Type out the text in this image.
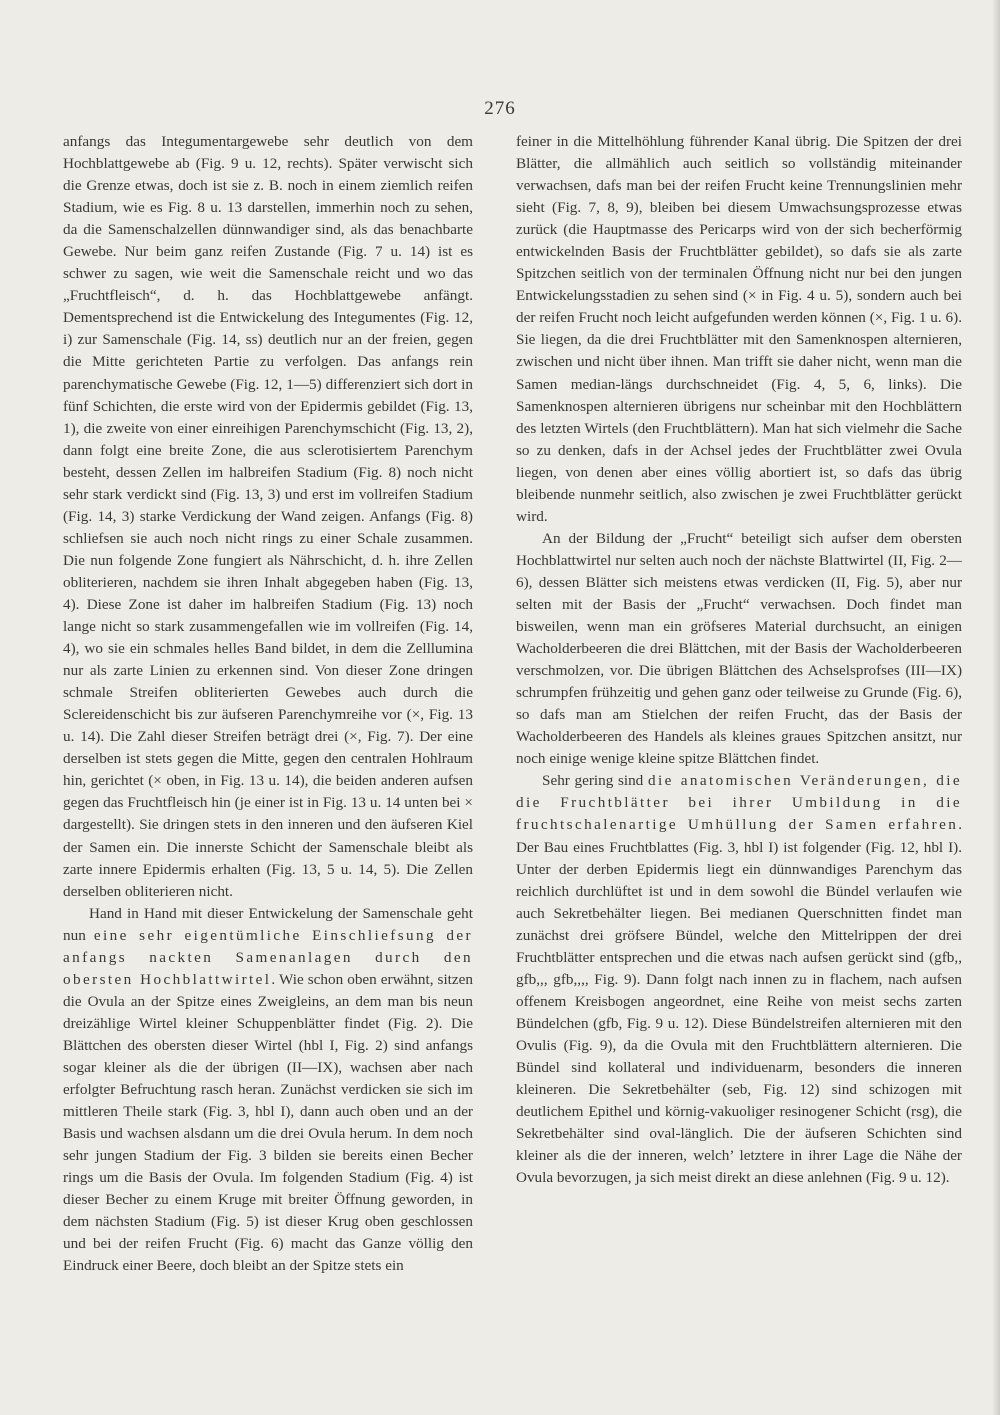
276

anfangs das Integumentargewebe sehr deutlich von dem Hochblattgewebe ab (Fig. 9 u. 12, rechts). Später verwischt sich die Grenze etwas, doch ist sie z. B. noch in einem ziemlich reifen Stadium, wie es Fig. 8 u. 13 darstellen, immerhin noch zu sehen, da die Samenschalzellen dünnwandiger sind, als das benachbarte Gewebe. Nur beim ganz reifen Zustande (Fig. 7 u. 14) ist es schwer zu sagen, wie weit die Samenschale reicht und wo das „Fruchtfleisch“, d. h. das Hochblattgewebe anfängt. Dementsprechend ist die Entwickelung des Integumentes (Fig. 12, i) zur Samenschale (Fig. 14, ss) deutlich nur an der freien, gegen die Mitte gerichteten Partie zu verfolgen. Das anfangs rein parenchymatische Gewebe (Fig. 12, 1—5) differenziert sich dort in fünf Schichten, die erste wird von der Epidermis gebildet (Fig. 13, 1), die zweite von einer einreihigen Parenchymschicht (Fig. 13, 2), dann folgt eine breite Zone, die aus sclerotisiertem Parenchym besteht, dessen Zellen im halbreifen Stadium (Fig. 8) noch nicht sehr stark verdickt sind (Fig. 13, 3) und erst im vollreifen Stadium (Fig. 14, 3) starke Verdickung der Wand zeigen. Anfangs (Fig. 8) schliefsen sie auch noch nicht rings zu einer Schale zusammen. Die nun folgende Zone fungiert als Nährschicht, d. h. ihre Zellen obliterieren, nachdem sie ihren Inhalt abgegeben haben (Fig. 13, 4). Diese Zone ist daher im halbreifen Stadium (Fig. 13) noch lange nicht so stark zusammengefallen wie im vollreifen (Fig. 14, 4), wo sie ein schmales helles Band bildet, in dem die Zelllumina nur als zarte Linien zu erkennen sind. Von dieser Zone dringen schmale Streifen obliterierten Gewebes auch durch die Sclereidenschicht bis zur äufseren Parenchymreihe vor (×, Fig. 13 u. 14). Die Zahl dieser Streifen beträgt drei (×, Fig. 7). Der eine derselben ist stets gegen die Mitte, gegen den centralen Hohlraum hin, gerichtet (× oben, in Fig. 13 u. 14), die beiden anderen aufsen gegen das Fruchtfleisch hin (je einer ist in Fig. 13 u. 14 unten bei × dargestellt). Sie dringen stets in den inneren und den äufseren Kiel der Samen ein. Die innerste Schicht der Samenschale bleibt als zarte innere Epidermis erhalten (Fig. 13, 5 u. 14, 5). Die Zellen derselben obliterieren nicht.

Hand in Hand mit dieser Entwickelung der Samenschale geht nun eine sehr eigentümliche Einschliefsung der anfangs nackten Samenanlagen durch den obersten Hochblattwirtel. Wie schon oben erwähnt, sitzen die Ovula an der Spitze eines Zweigleins, an dem man bis neun dreizählige Wirtel kleiner Schuppenblätter findet (Fig. 2). Die Blättchen des obersten dieser Wirtel (hbl I, Fig. 2) sind anfangs sogar kleiner als die der übrigen (II—IX), wachsen aber nach erfolgter Befruchtung rasch heran. Zunächst verdicken sie sich im mittleren Theile stark (Fig. 3, hbl I), dann auch oben und an der Basis und wachsen alsdann um die drei Ovula herum. In dem noch sehr jungen Stadium der Fig. 3 bilden sie bereits einen Becher rings um die Basis der Ovula. Im folgenden Stadium (Fig. 4) ist dieser Becher zu einem Kruge mit breiter Öffnung geworden, in dem nächsten Stadium (Fig. 5) ist dieser Krug oben geschlossen und bei der reifen Frucht (Fig. 6) macht das Ganze völlig den Eindruck einer Beere, doch bleibt an der Spitze stets ein

feiner in die Mittelhöhlung führender Kanal übrig. Die Spitzen der drei Blätter, die allmählich auch seitlich so vollständig miteinander verwachsen, dafs man bei der reifen Frucht keine Trennungslinien mehr sieht (Fig. 7, 8, 9), bleiben bei diesem Umwachsungsprozesse etwas zurück (die Hauptmasse des Pericarps wird von der sich becherförmig entwickelnden Basis der Fruchtblätter gebildet), so dafs sie als zarte Spitzchen seitlich von der terminalen Öffnung nicht nur bei den jungen Entwickelungsstadien zu sehen sind (× in Fig. 4 u. 5), sondern auch bei der reifen Frucht noch leicht aufgefunden werden können (×, Fig. 1 u. 6). Sie liegen, da die drei Fruchtblätter mit den Samenknospen alternieren, zwischen und nicht über ihnen. Man trifft sie daher nicht, wenn man die Samen median-längs durchschneidet (Fig. 4, 5, 6, links). Die Samenknospen alternieren übrigens nur scheinbar mit den Hochblättern des letzten Wirtels (den Fruchtblättern). Man hat sich vielmehr die Sache so zu denken, dafs in der Achsel jedes der Fruchtblätter zwei Ovula liegen, von denen aber eines völlig abortiert ist, so dafs das übrig bleibende nunmehr seitlich, also zwischen je zwei Fruchtblätter gerückt wird.

An der Bildung der „Frucht“ beteiligt sich aufser dem obersten Hochblattwirtel nur selten auch noch der nächste Blattwirtel (II, Fig. 2—6), dessen Blätter sich meistens etwas verdicken (II, Fig. 5), aber nur selten mit der Basis der „Frucht“ verwachsen. Doch findet man bisweilen, wenn man ein gröfseres Material durchsucht, an einigen Wacholderbeeren die drei Blättchen, mit der Basis der Wacholderbeeren verschmolzen, vor. Die übrigen Blättchen des Achselsprofses (III—IX) schrumpfen frühzeitig und gehen ganz oder teilweise zu Grunde (Fig. 6), so dafs man am Stielchen der reifen Frucht, das der Basis der Wacholderbeeren des Handels als kleines graues Spitzchen ansitzt, nur noch einige wenige kleine spitze Blättchen findet.

Sehr gering sind die anatomischen Veränderungen, die die Fruchtblätter bei ihrer Umbildung in die fruchtschalenartige Umhüllung der Samen erfahren. Der Bau eines Fruchtblattes (Fig. 3, hbl I) ist folgender (Fig. 12, hbl I). Unter der derben Epidermis liegt ein dünnwandiges Parenchym das reichlich durchlüftet ist und in dem sowohl die Bündel verlaufen wie auch Sekretbehälter liegen. Bei medianen Querschnitten findet man zunächst drei gröfsere Bündel, welche den Mittelrippen der drei Fruchtblätter entsprechen und die etwas nach aufsen gerückt sind (gfb,, gfb,,, gfb,,,, Fig. 9). Dann folgt nach innen zu in flachem, nach aufsen offenem Kreisbogen angeordnet, eine Reihe von meist sechs zarten Bündelchen (gfb, Fig. 9 u. 12). Diese Bündelstreifen alternieren mit den Ovulis (Fig. 9), da die Ovula mit den Fruchtblättern alternieren. Die Bündel sind kollateral und individuenarm, besonders die inneren kleineren. Die Sekretbehälter (seb, Fig. 12) sind schizogen mit deutlichem Epithel und körnig-vakuoliger resinogener Schicht (rsg), die Sekretbehälter sind oval-länglich. Die der äufseren Schichten sind kleiner als die der inneren, welch’ letztere in ihrer Lage die Nähe der Ovula bevorzugen, ja sich meist direkt an diese anlehnen (Fig. 9 u. 12).
